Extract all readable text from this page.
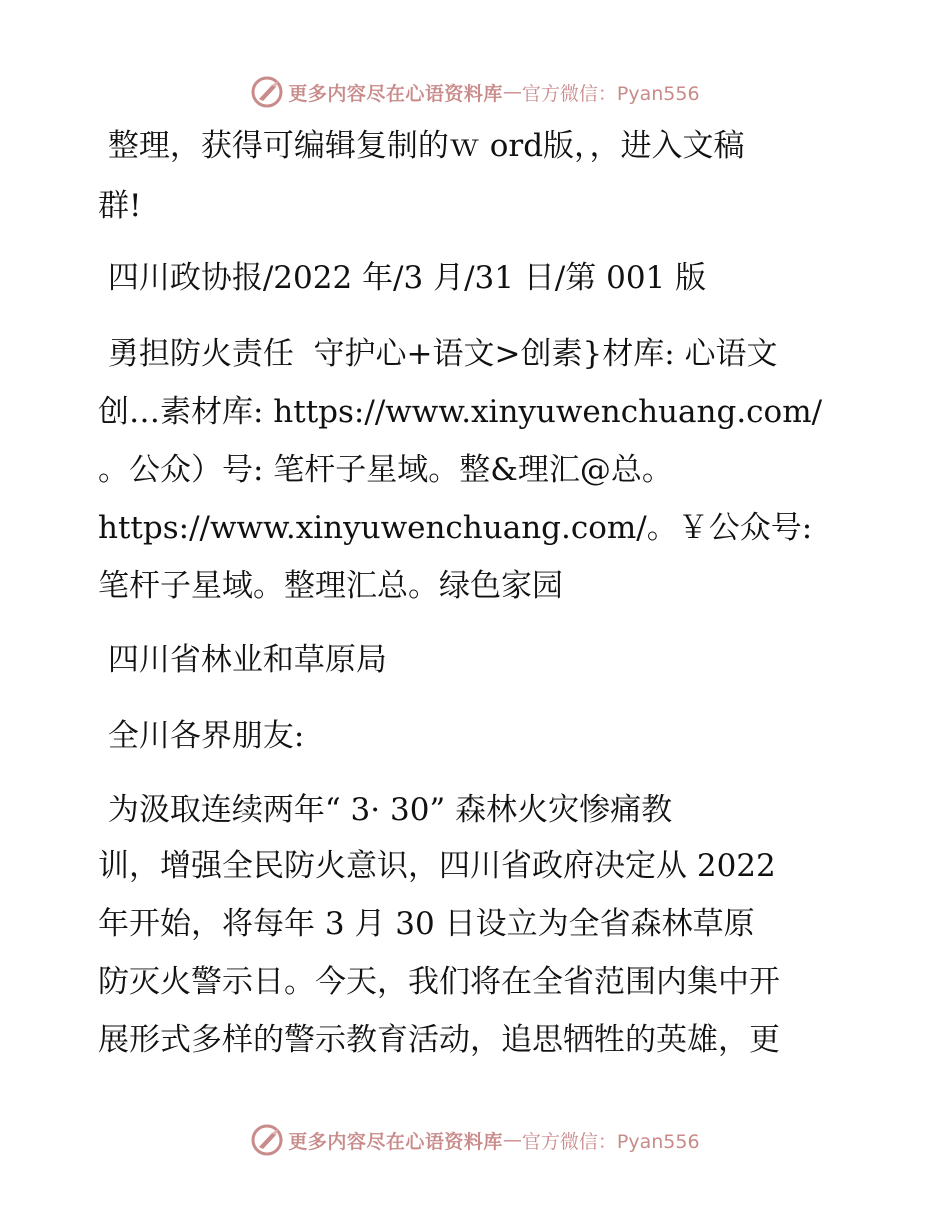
更多内容尽在心语资料库 — 官方微信：Pyan556
整理，获得可编辑复制的ｗ ord版，，进入文稿
群!
四川政协报/2022 年/3 月/31 日/第 001 版
勇担防火责任  守护心+语文>创素}材库: 心语文
创…素材库: https://www.xinyuwenchuang.com/
。公众）号: 笔杆子星域。整&理汇@总。
https://www.xinyuwenchuang.com/。￥公众号:
笔杆子星域。整理汇总。绿色家园
四川省林业和草原局
全川各界朋友:
为汲取连续两年“ 3· 30” 森林火灾惨痛教
训，增强全民防火意识，四川省政府决定从 2022
年开始，将每年 3 月 30 日设立为全省森林草原
防灭火警示日。今天，我们将在全省范围内集中开
展形式多样的警示教育活动，追思牺牲的英雄，更
更多内容尽在心语资料库 — 官方微信：Pyan556
